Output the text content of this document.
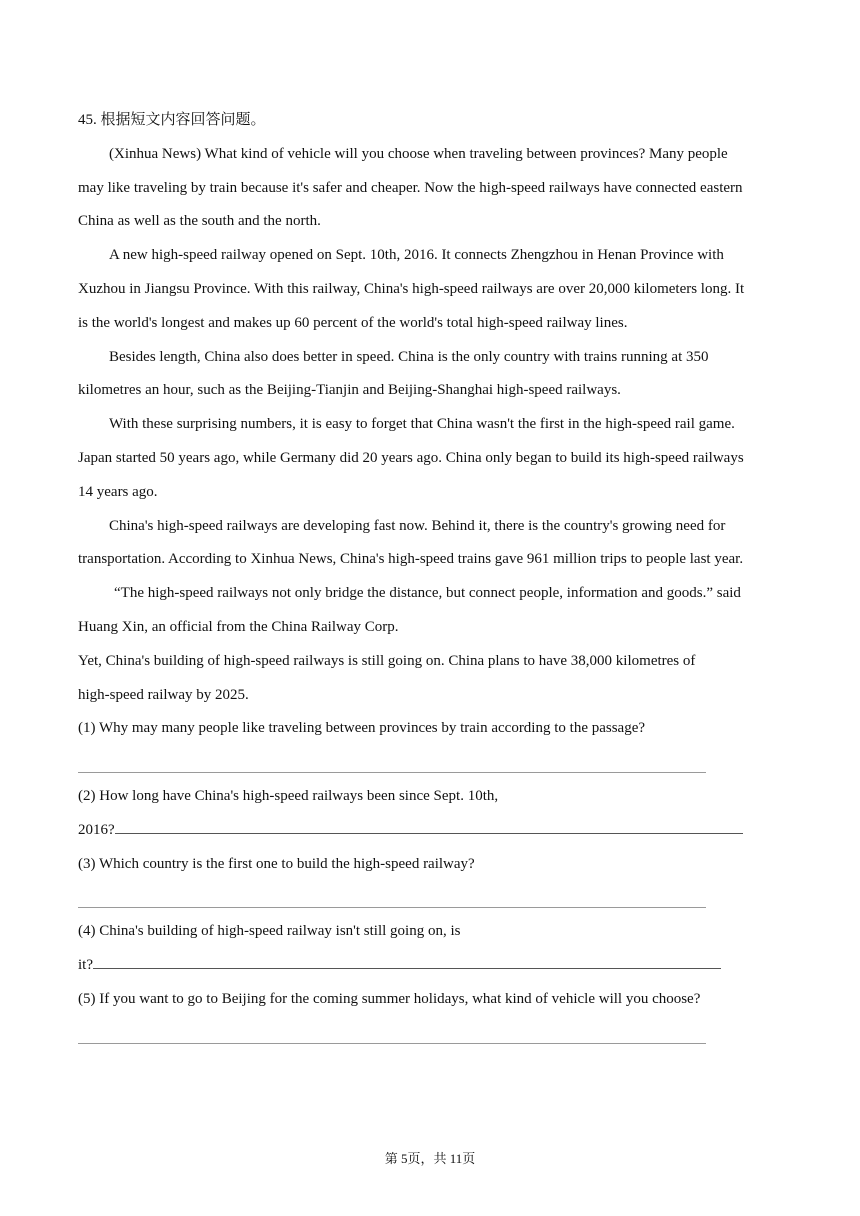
45. 根据短文内容回答问题。
(Xinhua News) What kind of vehicle will you choose when traveling between provinces? Many people
may like traveling by train because it's safer and cheaper. Now the high-speed railways have connected eastern
China as well as the south and the north.
A new high-speed railway opened on Sept. 10th, 2016. It connects Zhengzhou in Henan Province with
Xuzhou in Jiangsu Province. With this railway, China's high-speed railways are over 20,000 kilometers long. It
is the world's longest and makes up 60 percent of the world's total high-speed railway lines.
Besides length, China also does better in speed. China is the only country with trains running at 350
kilometres an hour, such as the Beijing-Tianjin and Beijing-Shanghai high-speed railways.
With these surprising numbers, it is easy to forget that China wasn't the first in the high-speed rail game.
Japan started 50 years ago, while Germany did 20 years ago. China only began to build its high-speed railways
14 years ago.
China's high-speed railways are developing fast now. Behind it, there is the country's growing need for
transportation. According to Xinhua News, China's high-speed trains gave 961 million trips to people last year.
“The high-speed railways not only bridge the distance, but connect people, information and goods.” said
Huang Xin, an official from the China Railway Corp.
Yet, China's building of high-speed railways is still going on. China plans to have 38,000 kilometres of
high-speed railway by 2025.
(1) Why may many people like traveling between provinces by train according to the passage?
(2) How long have China's high-speed railways been since Sept. 10th,
2016?
(3) Which country is the first one to build the high-speed railway?
(4) China's building of high-speed railway isn't still going on, is
it?
(5) If you want to go to Beijing for the coming summer holidays, what kind of vehicle will you choose?
第 5页，共 11页
